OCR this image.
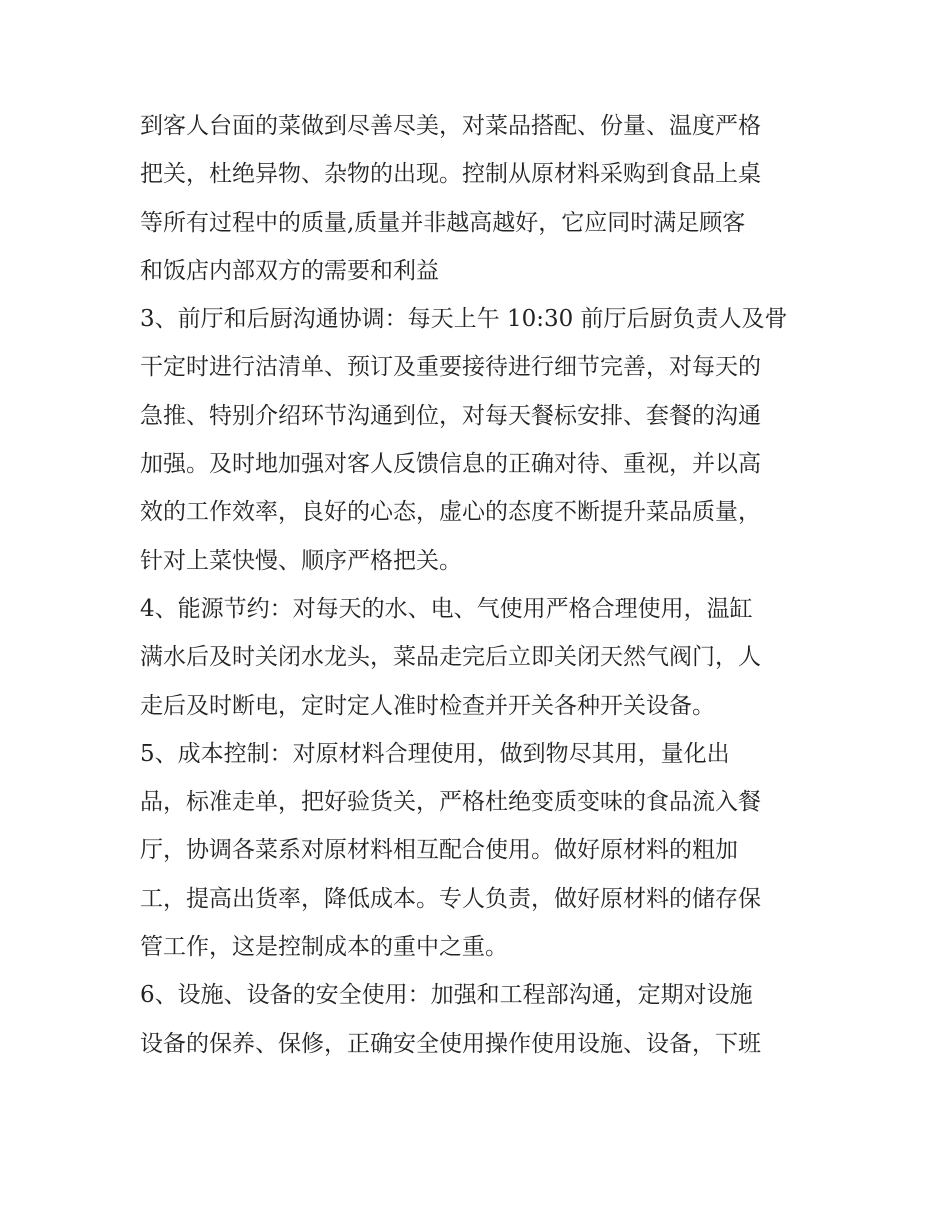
到客人台面的菜做到尽善尽美，对菜品搭配、份量、温度严格
把关，杜绝异物、杂物的出现。控制从原材料采购到食品上桌
等所有过程中的质量,质量并非越高越好，它应同时满足顾客
和饭店内部双方的需要和利益
3、前厅和后厨沟通协调：每天上午 10:30 前厅后厨负责人及骨
干定时进行沽清单、预订及重要接待进行细节完善，对每天的
急推、特别介绍环节沟通到位，对每天餐标安排、套餐的沟通
加强。及时地加强对客人反馈信息的正确对待、重视，并以高
效的工作效率，良好的心态，虚心的态度不断提升菜品质量，
针对上菜快慢、顺序严格把关。
4、能源节约：对每天的水、电、气使用严格合理使用，温缸
满水后及时关闭水龙头，菜品走完后立即关闭天然气阀门，人
走后及时断电，定时定人准时检查并开关各种开关设备。
5、成本控制：对原材料合理使用，做到物尽其用，量化出
品，标准走单，把好验货关，严格杜绝变质变味的食品流入餐
厅，协调各菜系对原材料相互配合使用。做好原材料的粗加
工，提高出货率，降低成本。专人负责，做好原材料的储存保
管工作，这是控制成本的重中之重。
6、设施、设备的安全使用：加强和工程部沟通，定期对设施
设备的保养、保修，正确安全使用操作使用设施、设备，下班
